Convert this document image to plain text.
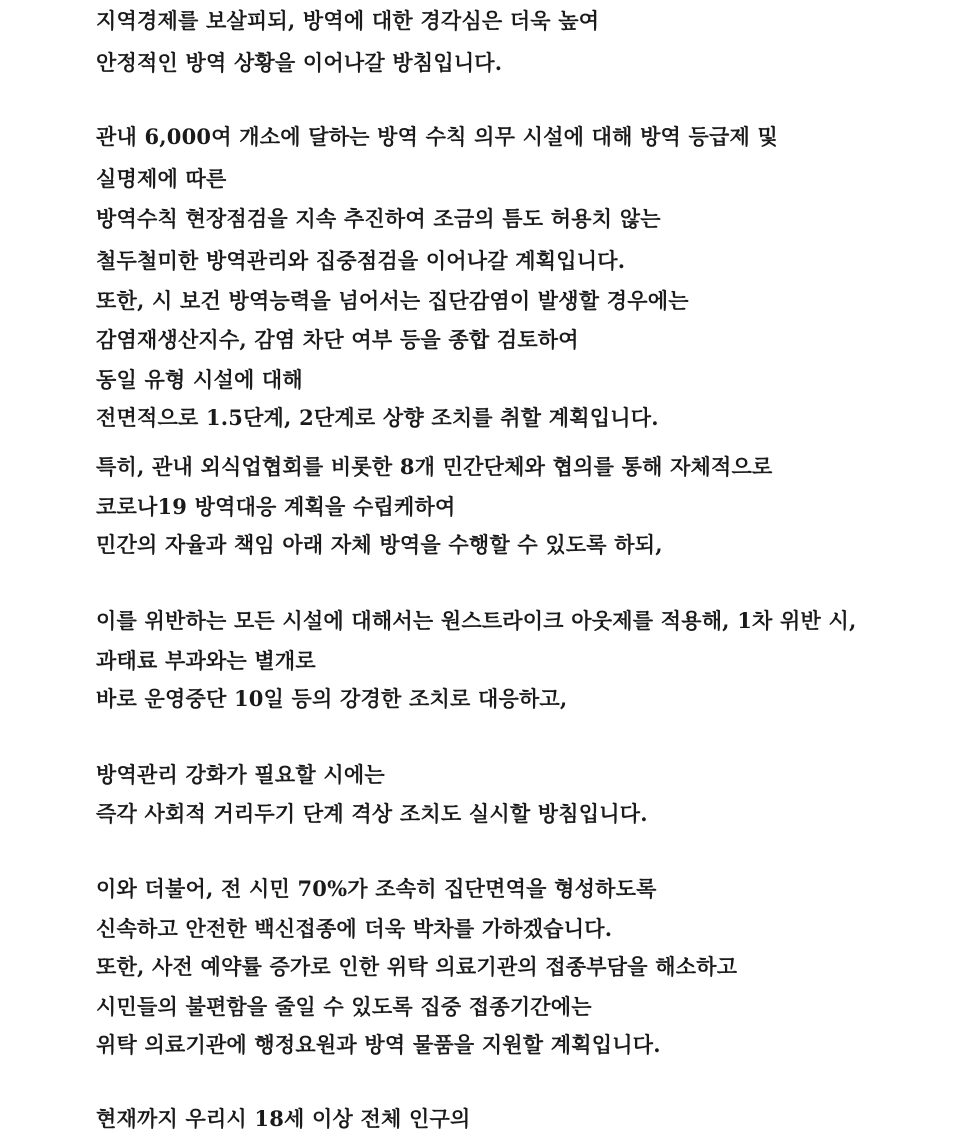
지역경제를 보살피되, 방역에 대한 경각심은 더욱 높여
안정적인 방역 상황을 이어나갈 방침입니다.
관내 6,000여 개소에 달하는 방역 수칙 의무 시설에 대해 방역 등급제 및
실명제에 따른
방역수칙 현장점검을 지속 추진하여 조금의 틈도 허용치 않는
철두철미한 방역관리와 집중점검을 이어나갈 계획입니다.
또한, 시 보건 방역능력을 넘어서는 집단감염이 발생할 경우에는
감염재생산지수, 감염 차단 여부 등을 종합 검토하여
동일 유형 시설에 대해
전면적으로 1.5단계, 2단계로 상향 조치를 취할 계획입니다.
특히, 관내 외식업협회를 비롯한 8개 민간단체와 협의를 통해 자체적으로
코로나19 방역대응 계획을 수립케하여
민간의 자율과 책임 아래 자체 방역을 수행할 수 있도록 하되,
이를 위반하는 모든 시설에 대해서는 원스트라이크 아웃제를 적용해, 1차 위반 시,
과태료 부과와는 별개로
바로 운영중단 10일 등의 강경한 조치로 대응하고,
방역관리 강화가 필요할 시에는
즉각 사회적 거리두기 단계 격상 조치도 실시할 방침입니다.
이와 더불어, 전 시민 70%가 조속히 집단면역을 형성하도록
신속하고 안전한 백신접종에 더욱 박차를 가하겠습니다.
또한, 사전 예약률 증가로 인한 위탁 의료기관의 접종부담을 해소하고
시민들의 불편함을 줄일 수 있도록 집중 접종기간에는
위탁 의료기관에 행정요원과 방역 물품을 지원할 계획입니다.
현재까지 우리시 18세 이상 전체 인구의
